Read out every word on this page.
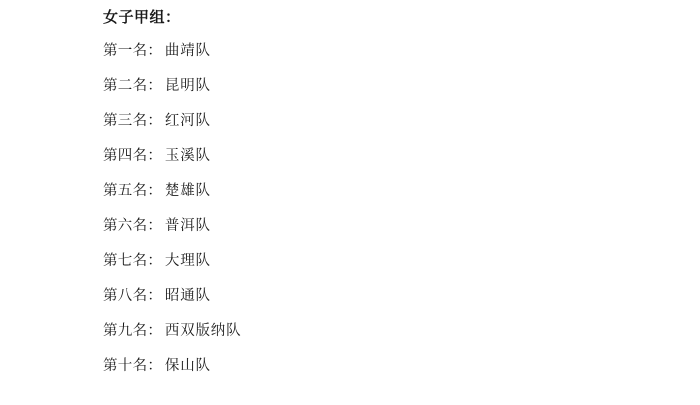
女子甲组：
第一名： 曲靖队
第二名： 昆明队
第三名： 红河队
第四名： 玉溪队
第五名： 楚雄队
第六名： 普洱队
第七名： 大理队
第八名： 昭通队
第九名： 西双版纳队
第十名： 保山队
